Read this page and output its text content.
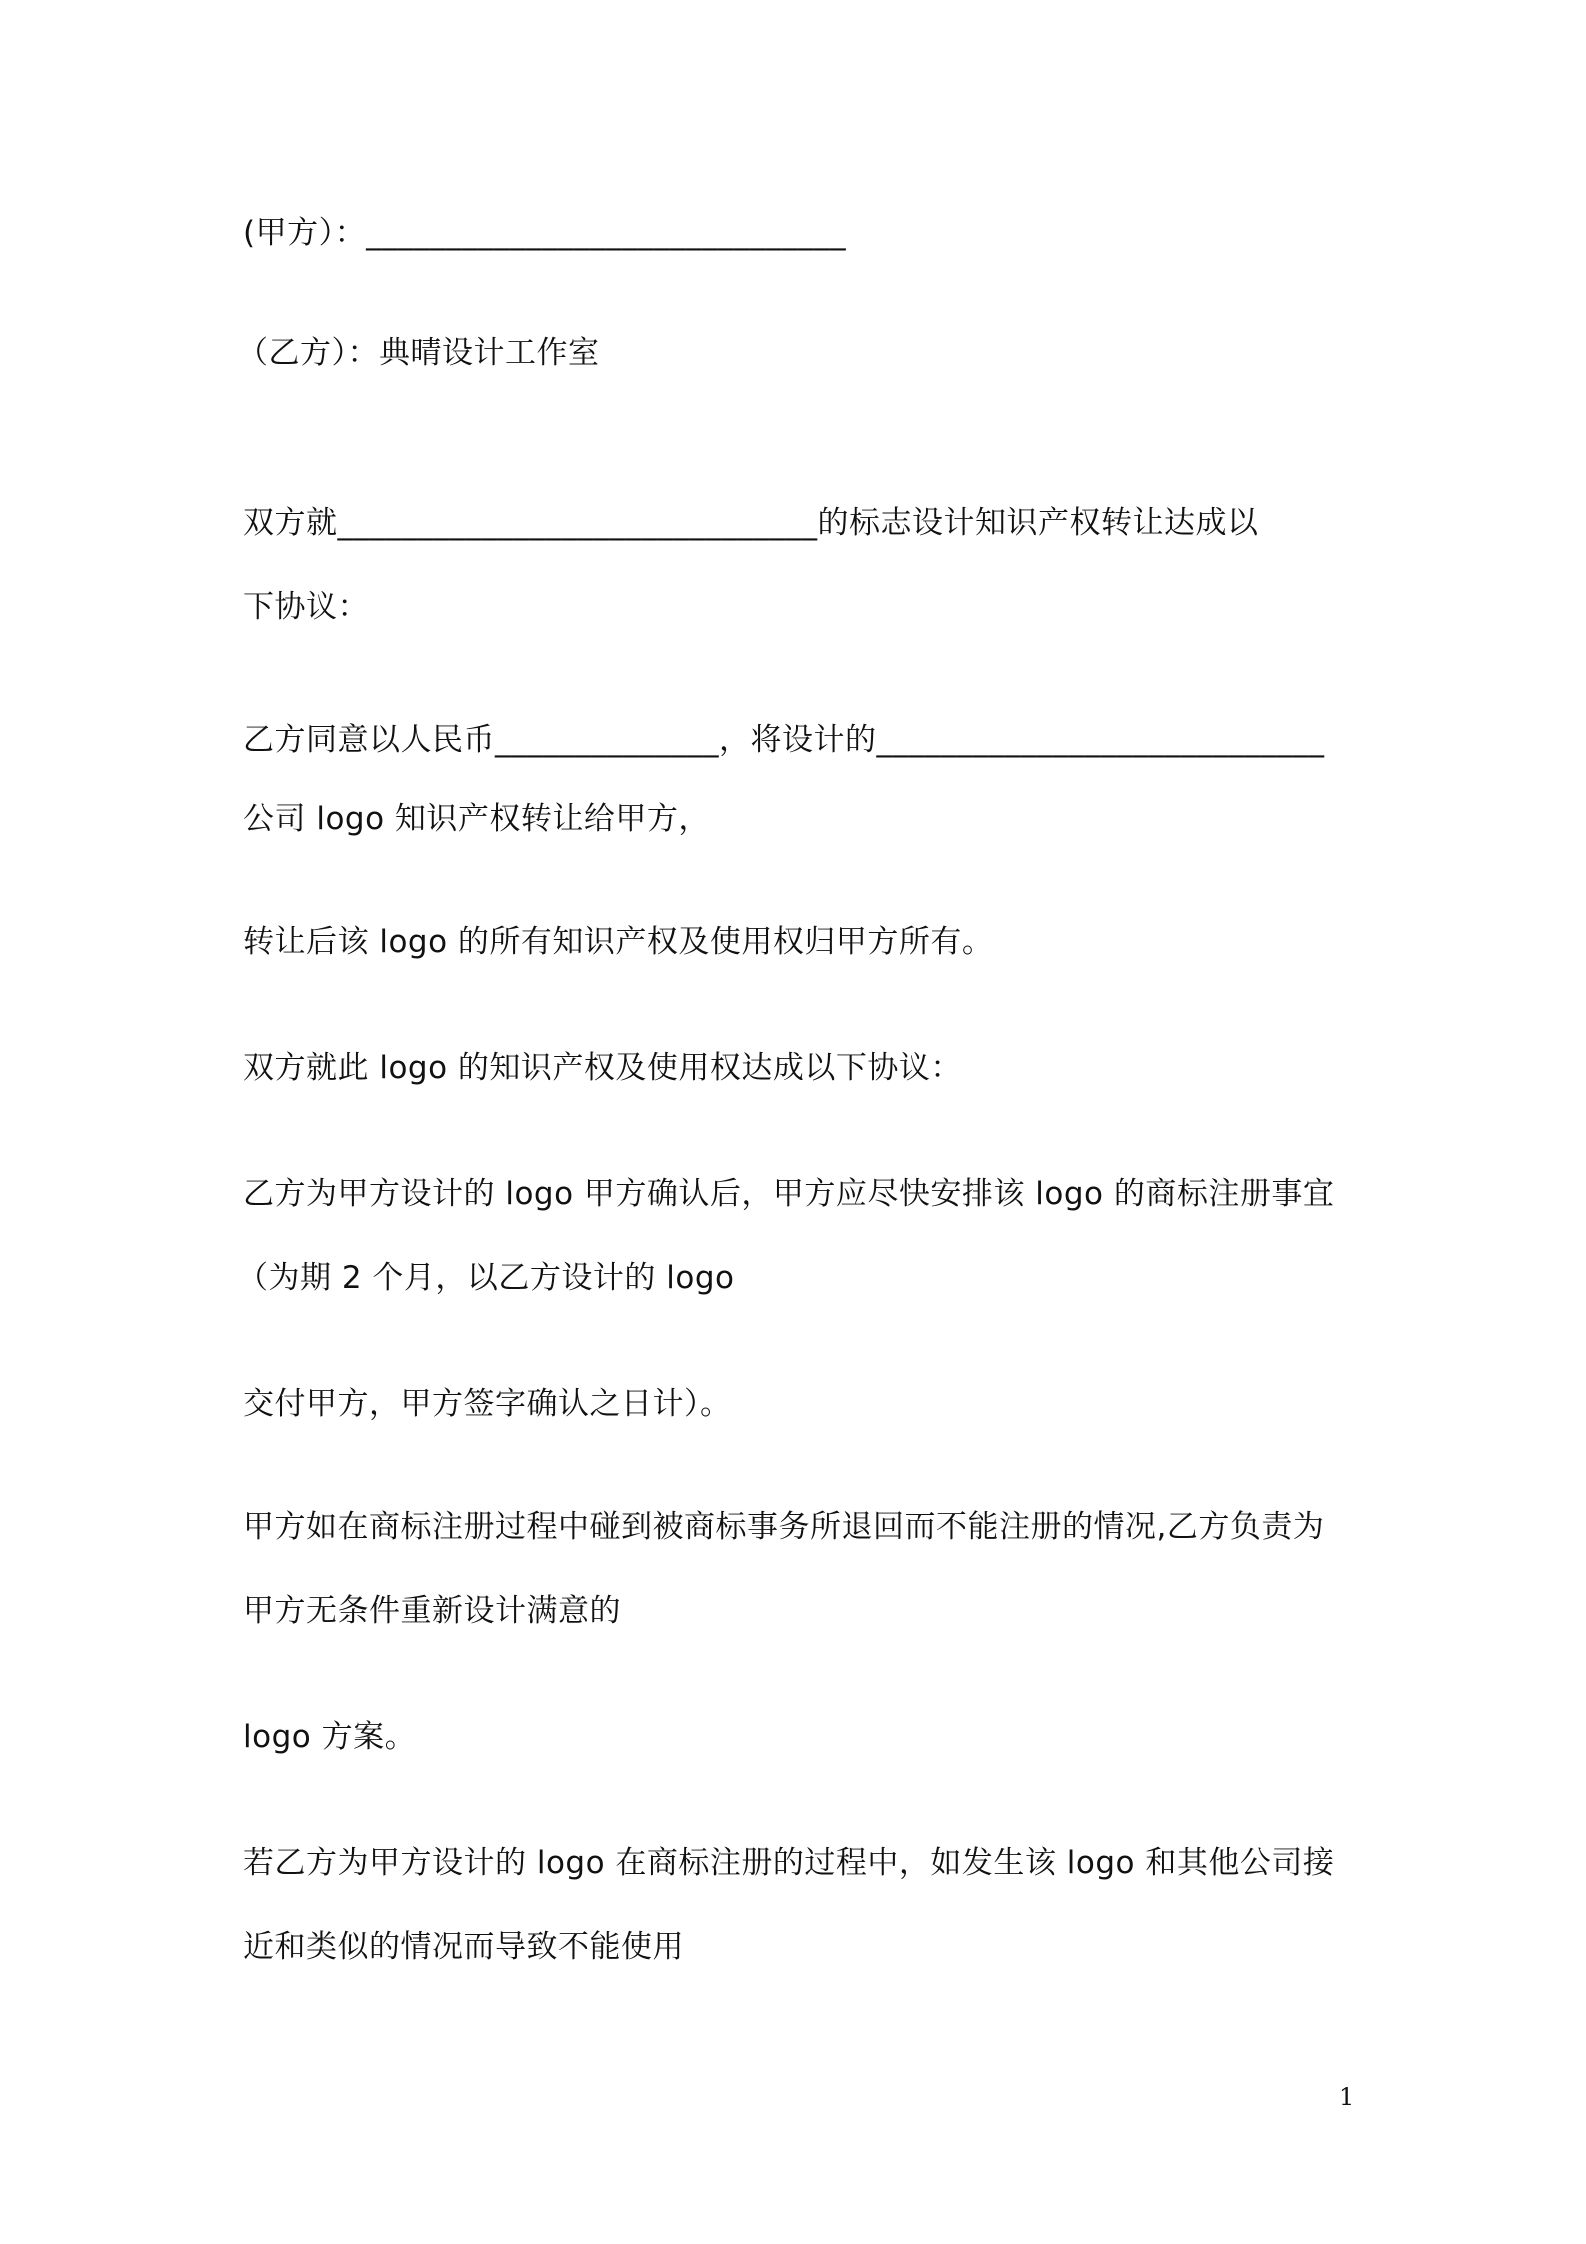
(甲方）：______________________________
（乙方）：典晴设计工作室
双方就______________________________的标志设计知识产权转让达成以
下协议：
乙方同意以人民币______________，将设计的____________________________
公司 logo 知识产权转让给甲方，
转让后该 logo 的所有知识产权及使用权归甲方所有。
双方就此 logo 的知识产权及使用权达成以下协议：
乙方为甲方设计的 logo 甲方确认后，甲方应尽快安排该 logo 的商标注册事宜
（为期 2 个月，以乙方设计的 logo
交付甲方，甲方签字确认之日计）。
甲方如在商标注册过程中碰到被商标事务所退回而不能注册的情况,乙方负责为
甲方无条件重新设计满意的
logo 方案。
若乙方为甲方设计的 logo 在商标注册的过程中，如发生该 logo 和其他公司接
近和类似的情况而导致不能使用
1
